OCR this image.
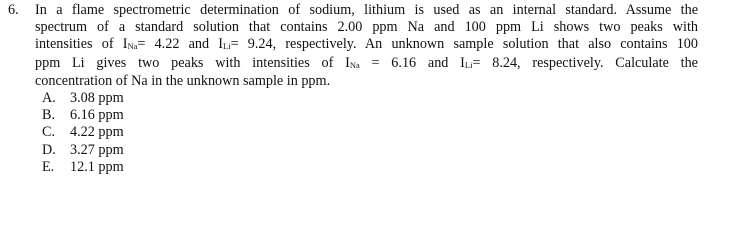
6. In a flame spectrometric determination of sodium, lithium is used as an internal standard. Assume the
spectrum of a standard solution that contains 2.00 ppm Na and 100 ppm Li shows two peaks with
intensities of INa= 4.22 and ILi= 9.24, respectively. An unknown sample solution that also contains 100
ppm Li gives two peaks with intensities of INa = 6.16 and ILi= 8.24, respectively. Calculate the
concentration of Na in the unknown sample in ppm.
A. 3.08 ppm
B. 6.16 ppm
C. 4.22 ppm
D. 3.27 ppm
E. 12.1 ppm
